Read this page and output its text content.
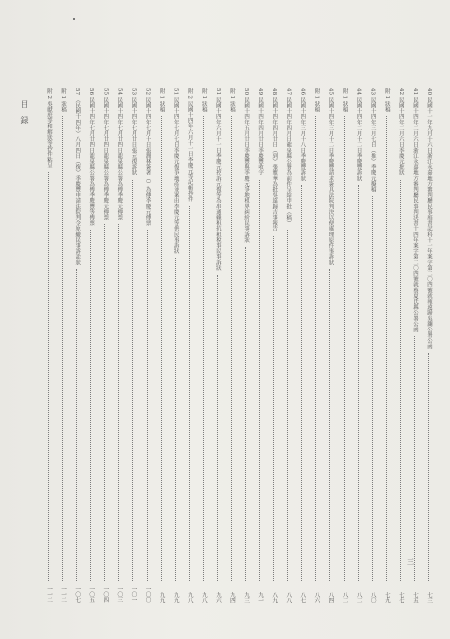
目　録	40 民國十一年九月十六日浙江永嘉地方審判廳民事庭書記科十一年案字第二〇四號就雍遠歸吳瀾公署公函
七三
41 民國十四年二月六日浙江永嘉地方審判廳民事判決書十四年案字第二〇四號就蔡夏氏縣公署公函
七五
42 民國十四年二月六日季慶元批狀
七七
附 1 狀稿
七九
43 民國十四年三月七日（推）季慶元擬稿
八〇
44 民國十四年二月十二日季慶豐訴狀
八二
附 1 狀稿
八二
45 民國十四年三月十二日季慶豐請求簽具法院判決以便處理原件事訴狀
八四
附 1 狀稿
八六
46 民國十四年三月十八日季慶豐訴狀
八七
47 民國十四年四月日龍泉縣公署為前件呈給申批（稿）
八八
48 民國十四年四月廿日（到）張雅華為批吳遠歸吉事報告
八九
49 民國十四年四月廿日季慶豐收字
九一
50 民國十四年五月廿日季慶豐與季慶元爭地租界糾紛民事訴狀
九三
附 1 狀稿
九四
51 民國十四年六月十一日季慶元控訴元復等為串通賴租抗租稅事民事訴狀
九六
附 1 狀稿
九八
附 2 民國十四年六月十一日李慶元等記帳抄件
九八
51 民國十四年七月七日季慶元復爭地產並案由李慶元等供民事訴狀
九九
附 1 狀稿
九九
52 民國十四年七月十日張潤林簽著（）為傳季慶元傳票
一〇〇
53 民國十四年七月廿日張元復訴狀
一〇一
54 民國十四年七月廿四日龍泉縣公署為傳季慶元傳票
一〇三
55 民國十四年七月廿四日龍泉縣公署為傳季慶元傳票
一〇四
56 民國十四年七月廿四日龍泉縣公署為傳季慶豐等傳票
一〇五
57 （民國十四年）八月四日（復）季慶豐申請法院判令原繳民事訴訟狀
一〇七
附 1 狀稿
一一二
附 2 吳獻庭等和解狀等抄件粘呈
一一二
三
